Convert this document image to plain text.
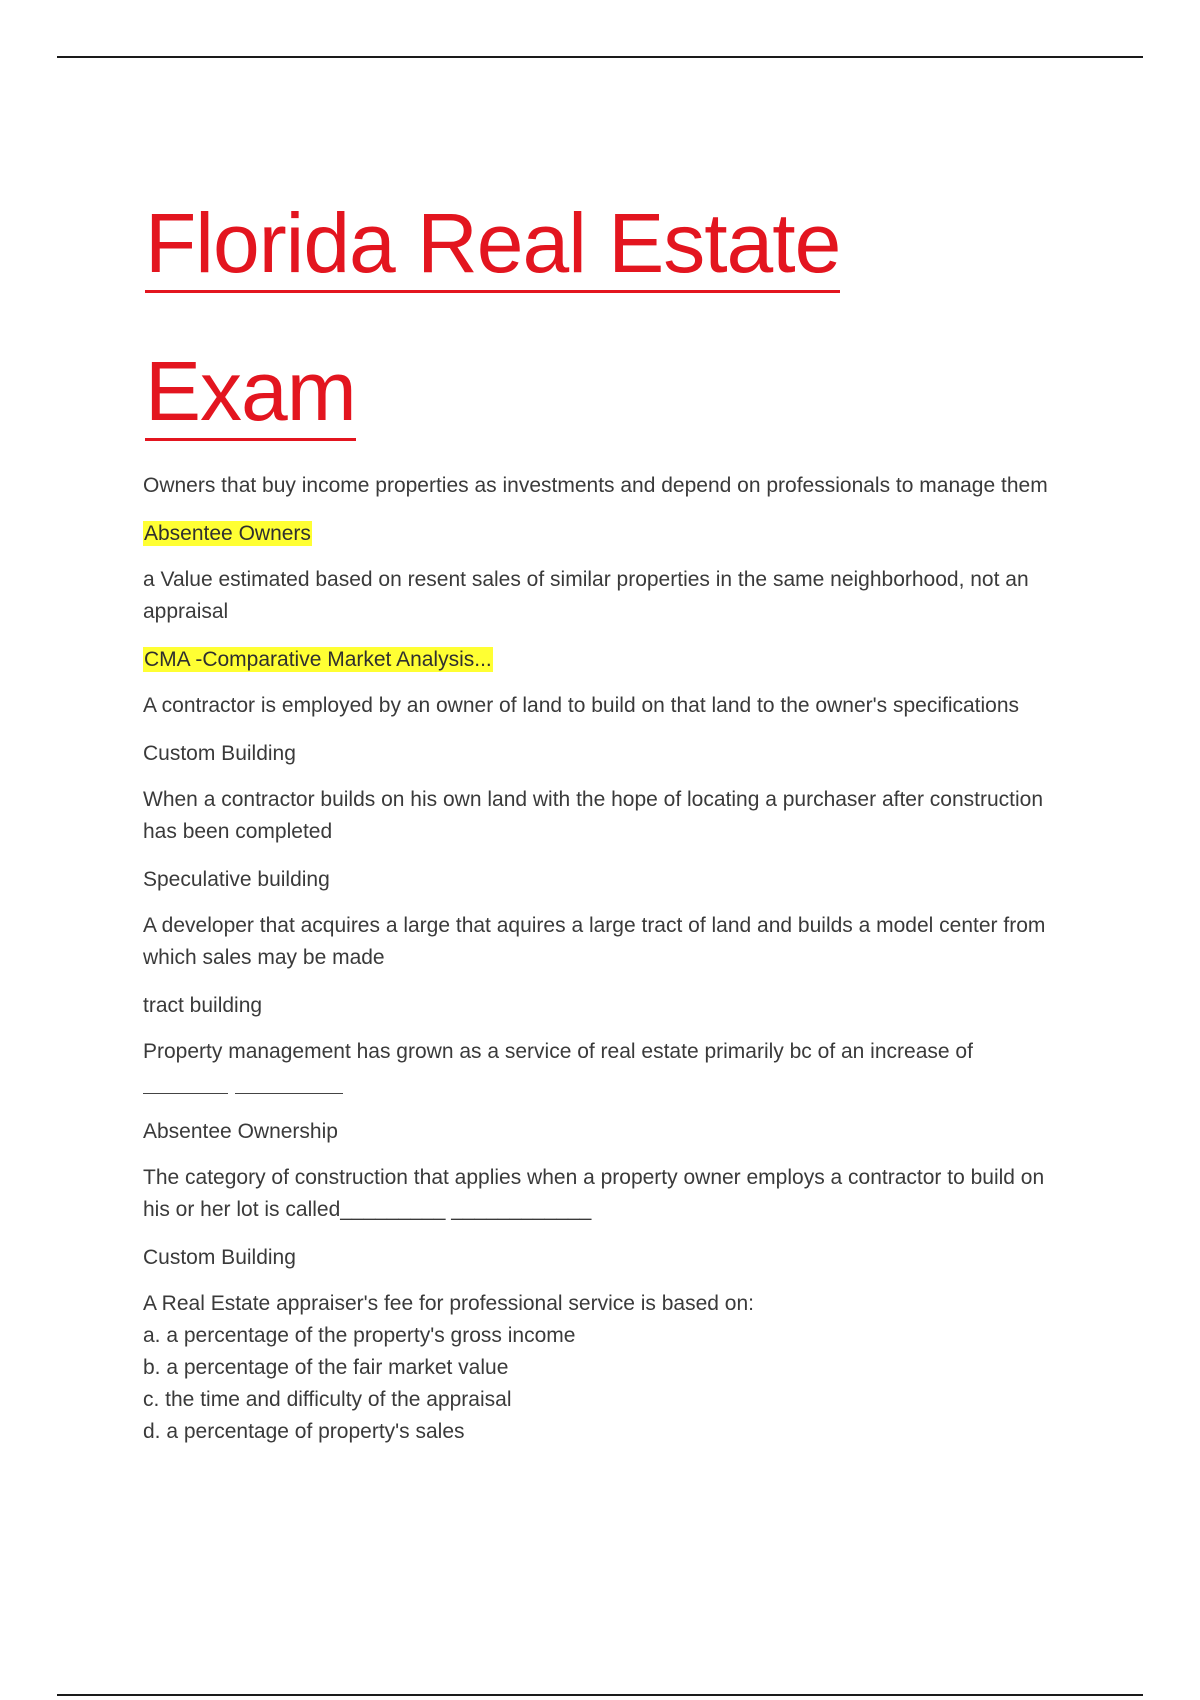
Florida Real Estate
Exam

Owners that buy income properties as investments and depend on professionals to manage them

Absentee Owners

a Value estimated based on resent sales of similar properties in the same neighborhood, not an appraisal

CMA -Comparative Market Analysis...

A contractor is employed by an owner of land to build on that land to the owner's specifications

Custom Building

When a contractor builds on his own land with the hope of locating a purchaser after construction has been completed

Speculative building

A developer that acquires a large that aquires a large tract of land and builds a model center from which sales may be made

tract building

Property management has grown as a service of real estate primarily bc of an increase of

Absentee Ownership

The category of construction that applies when a property owner employs a contractor to build on his or her lot is called_________ ____________

Custom Building

A Real Estate appraiser's fee for professional service is based on:
a. a percentage of the property's gross income
b. a percentage of the fair market value
c. the time and difficulty of the appraisal
d. a percentage of property's sales
